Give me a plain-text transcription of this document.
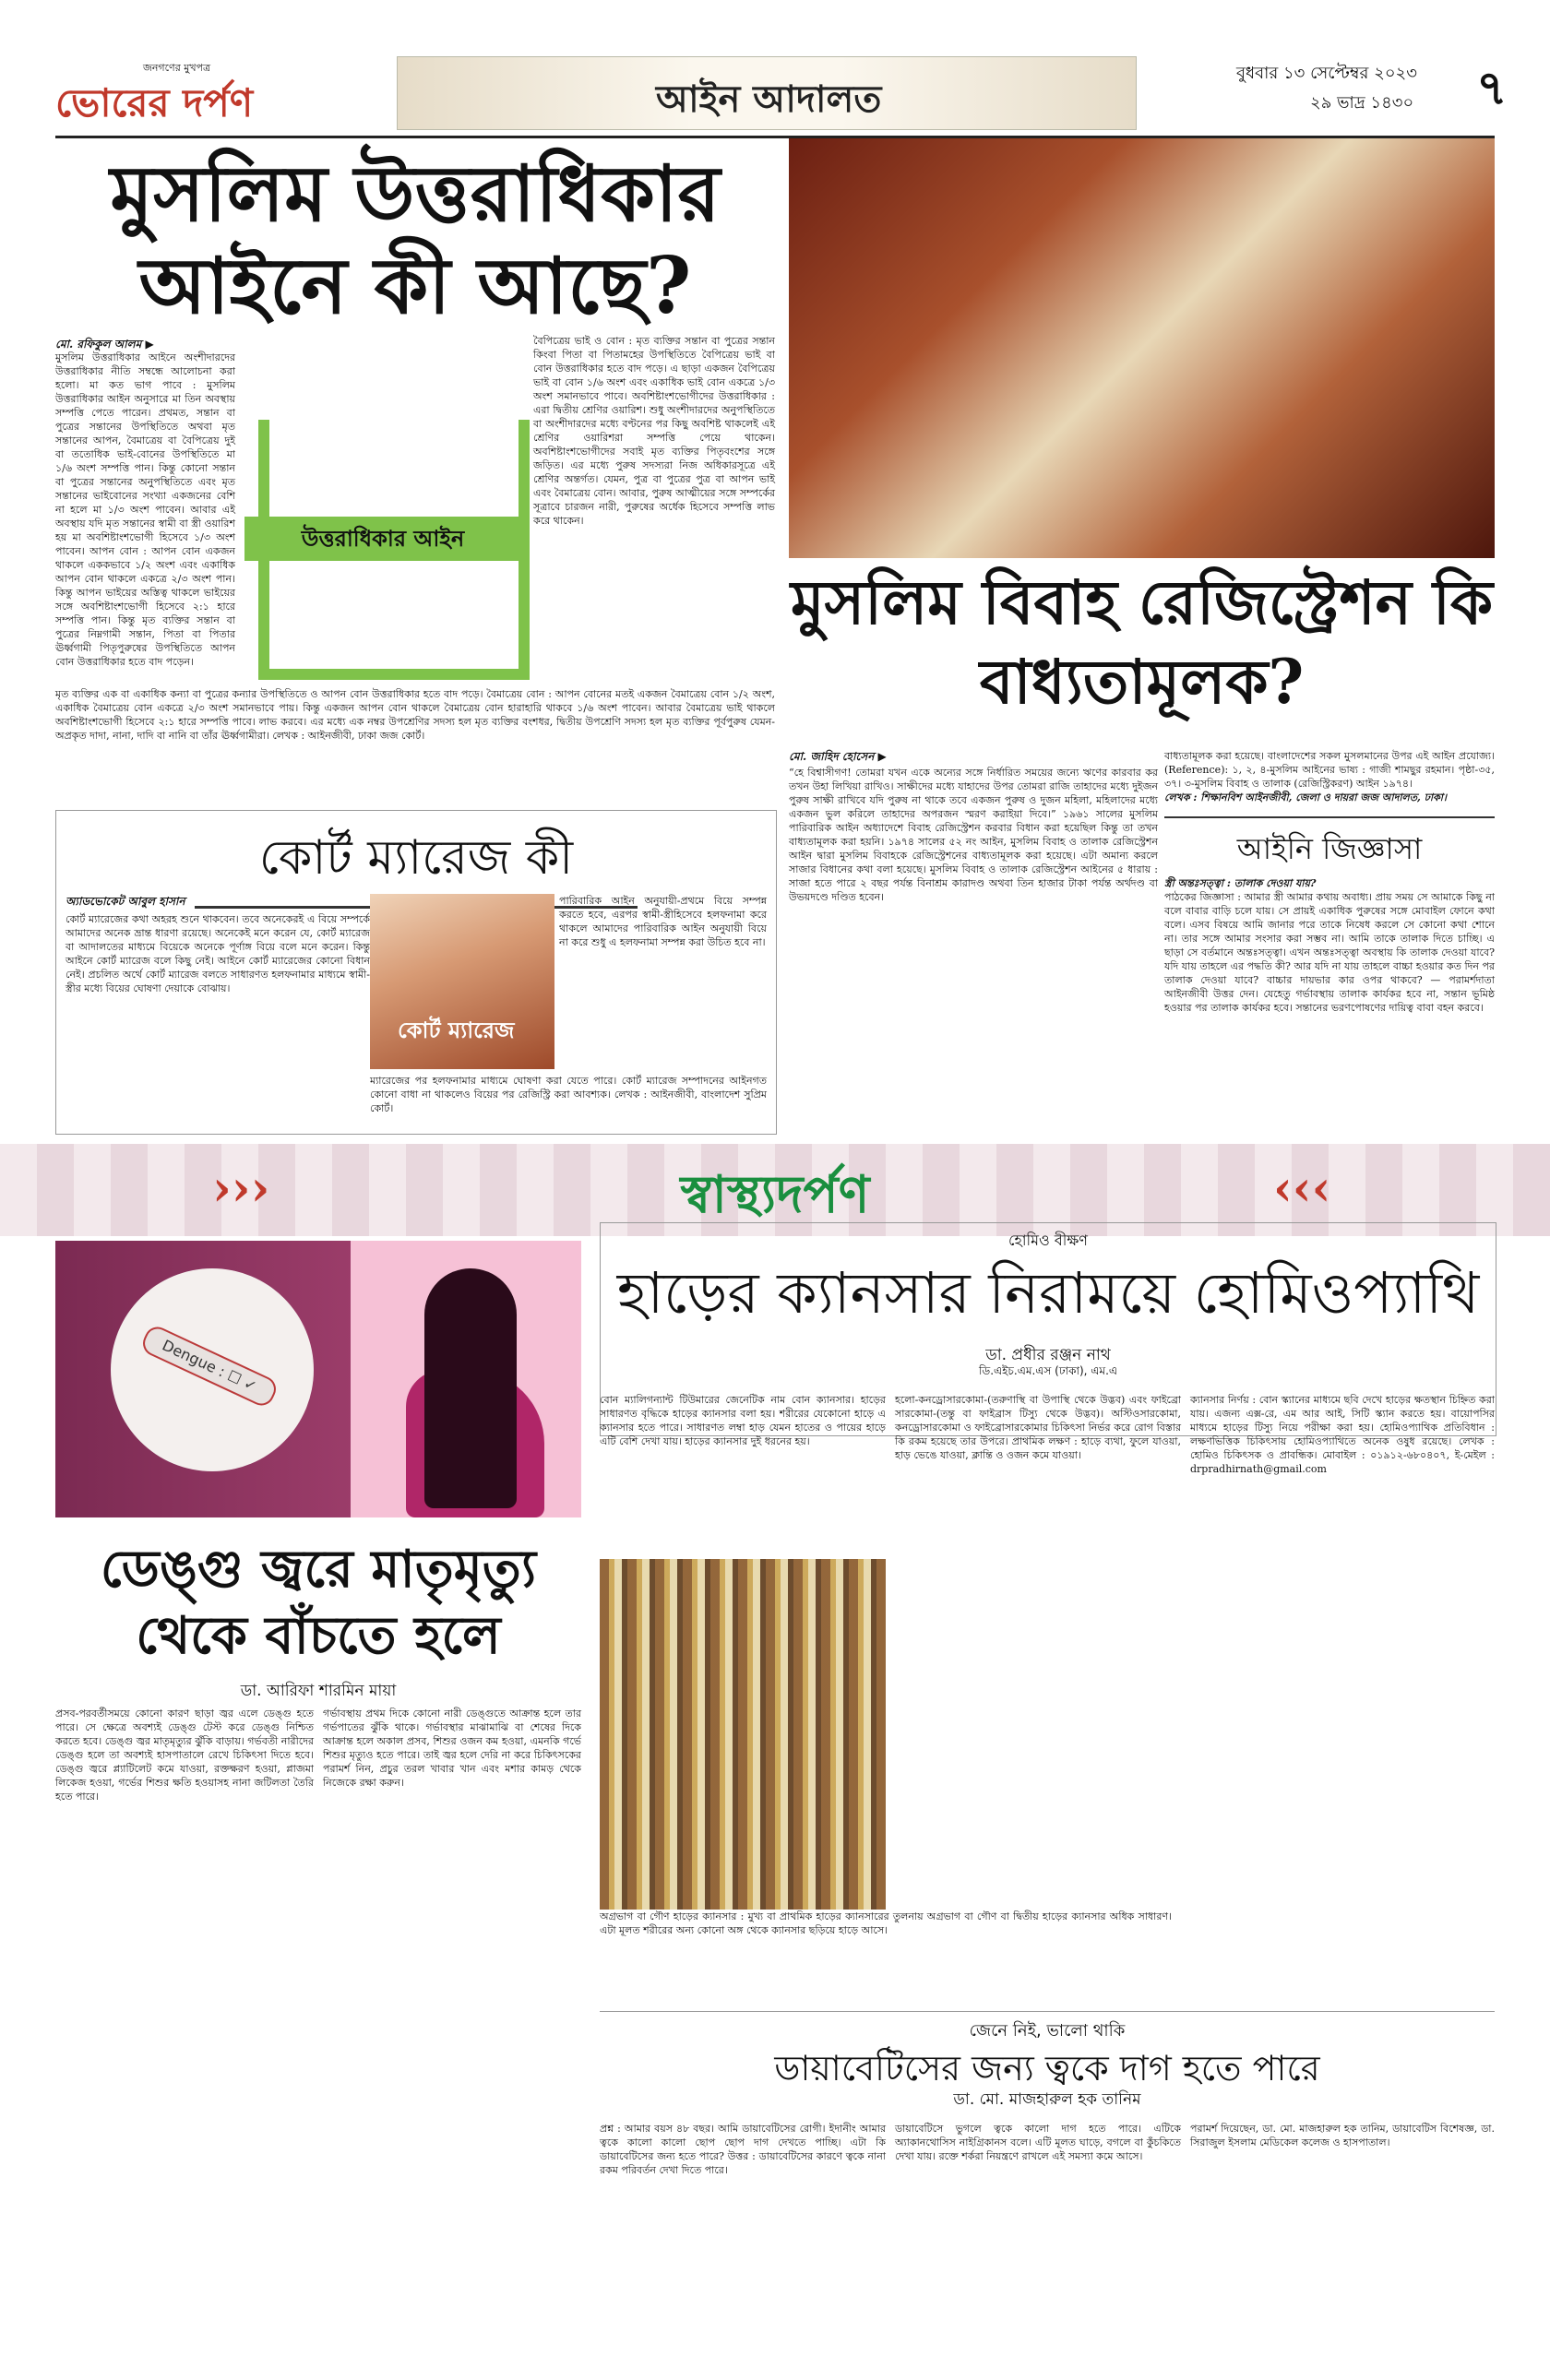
জনগণের মুখপত্র
ভোরের দর্পণ	আইন আদালত
বুধবার ১৩ সেপ্টেম্বর ২০২৩
২৯ ভাদ্র ১৪৩০ ৭
মুসলিম উত্তরাধিকার আইনে কী আছে?
মো. রফিকুল আলম ▶
মুসলিম উত্তরাধিকার আইনে অংশীদারদের উত্তরাধিকার নীতি সম্বন্ধে আলোচনা করা হলো। মা কত ভাগ পাবে : মুসলিম উত্তরাধিকার আইন অনুসারে মা তিন অবস্থায় সম্পত্তি পেতে পারেন। প্রথমত, সন্তান বা পুত্রের সন্তানের উপস্থিতিতে অথবা মৃত সন্তানের আপন, বৈমাত্রেয় বা বৈপিত্রেয় দুই বা ততোধিক ভাই-বোনের উপস্থিতিতে মা ১/৬ অংশ সম্পত্তি পান। কিন্তু কোনো সন্তান বা পুত্রের সন্তানের অনুপস্থিতিতে এবং মৃত সন্তানের ভাইবোনের সংখ্যা একজনের বেশি না হলে মা ১/৩ অংশ পাবেন। আবার এই অবস্থায় যদি মৃত সন্তানের স্বামী বা স্ত্রী ওয়ারিশ হয় মা অবশিষ্টাংশভোগী হিসেবে ১/৩ অংশ পাবেন। আপন বোন : আপন বোন একজন থাকলে এককভাবে ১/২ অংশ এবং একাধিক আপন বোন থাকলে একত্রে ২/৩ অংশ পান। কিন্তু আপন ভাইয়ের অস্তিত্ব থাকলে ভাইয়ের সঙ্গে অবশিষ্টাংশভোগী হিসেবে ২:১ হারে সম্পত্তি পান। কিন্তু মৃত ব্যক্তির সন্তান বা পুত্রের নিম্নগামী সন্তান, পিতা বা পিতার ঊর্ধ্বগামী পিতৃপুরুষের উপস্থিতিতে আপন বোন উত্তরাধিকার হতে বাদ পড়েন।
বৈপিত্রেয় ভাই ও বোন : মৃত ব্যক্তির সন্তান বা পুত্রের সন্তান কিংবা পিতা বা পিতামহের উপস্থিতিতে বৈপিত্রেয় ভাই বা বোন উত্তরাধিকার হতে বাদ পড়ে। এ ছাড়া একজন বৈপিত্রেয় ভাই বা বোন ১/৬ অংশ এবং একাধিক ভাই বোন একত্রে ১/৩ অংশ সমানভাবে পাবে। অবশিষ্টাংশভোগীদের উত্তরাধিকার : এরা দ্বিতীয় শ্রেণির ওয়ারিশ। শুধু অংশীদারদের অনুপস্থিতিতে বা অংশীদারদের মধ্যে বণ্টনের পর কিছু অবশিষ্ট থাকলেই এই শ্রেণির ওয়ারিশরা সম্পত্তি পেয়ে থাকেন। অবশিষ্টাংশভোগীদের সবাই মৃত ব্যক্তির পিতৃবংশের সঙ্গে জড়িত। এর মধ্যে পুরুষ সদস্যরা নিজ অধিকারসূত্রে এই শ্রেণির অন্তর্গত। যেমন, পুত্র বা পুত্রের পুত্র বা আপন ভাই এবং বৈমাত্রেয় বোন। আবার, পুরুষ আত্মীয়ের সঙ্গে সম্পর্কের সূত্রাবে চারজন নারী, পুরুষের অর্ধেক হিসেবে সম্পত্তি লাভ করে থাকেন।
উত্তরাধিকার আইন
মৃত ব্যক্তির এক বা একাধিক কন্যা বা পুত্রের কন্যার উপস্থিতিতে ও আপন বোন উত্তরাধিকার হতে বাদ পড়ে। বৈমাত্রেয় বোন : আপন বোনের মতই একজন বৈমাত্রেয় বোন ১/২ অংশ, একাধিক বৈমাত্রেয় বোন একত্রে ২/৩ অংশ সমানভাবে পায়। কিন্তু একজন আপন বোন থাকলে বৈমাত্রেয় বোন হারাহারি থাকবে ১/৬ অংশ পাবেন। আবার বৈমাত্রেয় ভাই থাকলে অবশিষ্টাংশভোগী হিসেবে ২:১ হারে সম্পত্তি পাবে। লাভ করবে। এর মধ্যে এক নম্বর উপশ্রেণির সদস্য হল মৃত ব্যক্তির বংশধর, দ্বিতীয় উপশ্রেণি সদস্য হল মৃত ব্যক্তির পূর্বপুরুষ যেমন-অপ্রকৃত দাদা, নানা, দাদি বা নানি বা তাঁর ঊর্ধ্বগামীরা। লেখক : আইনজীবী, ঢাকা জজ কোর্ট।
মুসলিম বিবাহ রেজিস্ট্রেশন কি বাধ্যতামূলক?
মো. জাহিদ হোসেন ▶
“হে বিশ্বাসীগণ! তোমরা যখন একে অন্যের সঙ্গে নির্ধারিত সময়ের জন্যে ঋণের কারবার কর তখন উহা লিখিয়া রাখিও। সাক্ষীদের মধ্যে যাহাদের উপর তোমরা রাজি তাহাদের মধ্যে দুইজন পুরুষ সাক্ষী রাখিবে যদি পুরুষ না থাকে তবে একজন পুরুষ ও দুজন মহিলা, মহিলাদের মধ্যে একজন ভুল করিলে তাহাদের অপরজন স্মরণ করাইয়া দিবে।” ১৯৬১ সালের মুসলিম পারিবারিক আইন অধ্যাদেশে বিবাহ রেজিস্ট্রেশন করবার বিধান করা হয়েছিল কিন্তু তা তখন বাধ্যতামূলক করা হয়নি। ১৯৭৪ সালের ৫২ নং আইন, মুসলিম বিবাহ ও তালাক রেজিস্ট্রেশন আইন দ্বারা মুসলিম বিবাহকে রেজিস্ট্রেশনের বাধ্যতামূলক করা হয়েছে। এটা অমান্য করলে সাজার বিধানের কথা বলা হয়েছে। মুসলিম বিবাহ ও তালাক রেজিস্ট্রেশন আইনের ৫ ধারায় : সাজা হতে পারে ২ বছর পর্যন্ত বিনাশ্রম কারাদণ্ড অথবা তিন হাজার টাকা পর্যন্ত অর্থদণ্ড বা উভয়দণ্ডে দণ্ডিত হবেন।

বাধ্যতামূলক করা হয়েছে। বাংলাদেশের সকল মুসলমানের উপর এই আইন প্রযোজ্য। (Reference): ১, ২, ৪-মুসলিম আইনের ভাষ্য : গাজী শামছুর রহমান। পৃষ্ঠা-৩৫, ৩৭। ৩-মুসলিম বিবাহ ও তালাক (রেজিস্ট্রিকরণ) আইন ১৯৭৪।

লেখক : শিক্ষানবিশ আইনজীবী, জেলা ও দায়রা জজ আদালত, ঢাকা।

আইনি জিজ্ঞাসা

স্ত্রী অন্তঃসত্ত্বা : তালাক দেওয়া যায়?

পাঠকের জিজ্ঞাসা : আমার স্ত্রী আমার কথায় অবাধ্য। প্রায় সময় সে আমাকে কিছু না বলে বাবার বাড়ি চলে যায়। সে প্রায়ই একাধিক পুরুষের সঙ্গে মোবাইল ফোনে কথা বলে। এসব বিষয়ে আমি জানার পরে তাকে নিষেধ করলে সে কোনো কথা শোনে না। তার সঙ্গে আমার সংসার করা সম্ভব না। আমি তাকে তালাক দিতে চাচ্ছি। এ ছাড়া সে বর্তমানে অন্তঃসত্ত্বা। এখন অন্তঃসত্ত্বা অবস্থায় কি তালাক দেওয়া যাবে? যদি যায় তাহলে এর পদ্ধতি কী? আর যদি না যায় তাহলে বাচ্চা হওয়ার কত দিন পর তালাক দেওয়া যাবে? বাচ্চার দায়ভার কার ওপর থাকবে? — পরামর্শদাতা আইনজীবী উত্তর দেন। যেহেতু গর্ভাবস্থায় তালাক কার্যকর হবে না, সন্তান ভূমিষ্ঠ হওয়ার পর তালাক কার্যকর হবে। সন্তানের ভরণপোষণের দায়িত্ব বাবা বহন করবে।

কোর্ট ম্যারেজ কী
অ্যাডভোকেট আবুল হাসান
কোর্ট ম্যারেজের কথা অহরহ শুনে থাকবেন। তবে অনেকেরই এ বিয়ে সম্পর্কে আমাদের অনেক ভ্রান্ত ধারণা রয়েছে। অনেকেই মনে করেন যে, কোর্ট ম্যারেজ বা আদালতের মাধ্যমে বিয়েকে অনেকে পূর্ণাঙ্গ বিয়ে বলে মনে করেন। কিন্তু আইনে কোর্ট ম্যারেজ বলে কিছু নেই। আইনে কোর্ট ম্যারেজের কোনো বিধান নেই। প্রচলিত অর্থে কোর্ট ম্যারেজ বলতে সাধারণত হলফনামার মাধ্যমে স্বামী-স্ত্রীর মধ্যে বিয়ের ঘোষণা দেয়াকে বোঝায়।
কোর্ট ম্যারেজ
পারিবারিক আইন অনুযায়ী-প্রথমে বিয়ে সম্পন্ন করতে হবে, এরপর স্বামী-স্ত্রীহিসেবে হলফনামা করে থাকলে আমাদের পারিবারিক আইন অনুযায়ী বিয়ে না করে শুধু এ হলফনামা সম্পন্ন করা উচিত হবে না।
ম্যারেজের পর হলফনামার মাধ্যমে ঘোষণা করা যেতে পারে। কোর্ট ম্যারেজ সম্পাদনের আইনগত কোনো বাধা না থাকলেও বিয়ের পর রেজিস্ট্রি করা আবশ্যক। লেখক : আইনজীবী, বাংলাদেশ সুপ্রিম কোর্ট।
›››	স্বাস্থ্যদর্পণ	‹‹‹
Dengue : ☐ ✓
ডেঙ্গু জ্বরে মাতৃমৃত্যু থেকে বাঁচতে হলে
ডা. আরিফা শারমিন মায়া
প্রসব-পরবর্তীসময়ে কোনো কারণ ছাড়া জ্বর এলে ডেঙ্গু হতে পারে। সে ক্ষেত্রে অবশ্যই ডেঙ্গু টেস্ট করে ডেঙ্গু নিশ্চিত করতে হবে। ডেঙ্গু জ্বর মাতৃমৃত্যুর ঝুঁকি বাড়ায়। গর্ভবতী নারীদের ডেঙ্গু হলে তা অবশ্যই হাসপাতালে রেখে চিকিৎসা দিতে হবে। ডেঙ্গু জ্বরে প্ল্যাটিলেট কমে যাওয়া, রক্তক্ষরণ হওয়া, প্লাজমা লিকেজ হওয়া, গর্ভের শিশুর ক্ষতি হওয়াসহ নানা জটিলতা তৈরি হতে পারে।
গর্ভাবস্থায় প্রথম দিকে কোনো নারী ডেঙ্গুতে আক্রান্ত হলে তার গর্ভপাতের ঝুঁকি থাকে। গর্ভাবস্থার মাঝামাঝি বা শেষের দিকে আক্রান্ত হলে অকাল প্রসব, শিশুর ওজন কম হওয়া, এমনকি গর্ভে শিশুর মৃত্যুও হতে পারে। তাই জ্বর হলে দেরি না করে চিকিৎসকের পরামর্শ নিন, প্রচুর তরল খাবার খান এবং মশার কামড় থেকে নিজেকে রক্ষা করুন।
হোমিও বীক্ষণ
হাড়ের ক্যানসার নিরাময়ে হোমিওপ্যাথি
ডা. প্রধীর রঞ্জন নাথ
ডি.এইচ.এম.এস (ঢাকা), এম.এ
বোন ম্যালিগন্যান্ট টিউমারের জেনেটিক নাম বোন ক্যানসার। হাড়ের সাধারণত বৃদ্ধিকে হাড়ের ক্যানসার বলা হয়। শরীরের যেকোনো হাড়ে এ ক্যানসার হতে পারে। সাধারণত লম্বা হাড় যেমন হাতের ও পায়ের হাড়ে এটি বেশি দেখা যায়। হাড়ের ক্যানসার দুই ধরনের হয়।
হলো-কনড্রোসারকোমা-(তরুণাস্থি বা উপাস্থি থেকে উদ্ভব) এবং ফাইব্রো সারকোমা-(তন্তু বা ফাইব্রাস টিস্যু থেকে উদ্ভব)। অস্টিওসারকোমা, কনড্রোসারকোমা ও ফাইব্রোসারকোমার চিকিৎসা নির্ভর করে রোগ বিস্তার কি রকম হয়েছে তার উপরে। প্রাথমিক লক্ষণ : হাড়ে ব্যথা, ফুলে যাওয়া, হাড় ভেঙে যাওয়া, ক্লান্তি ও ওজন কমে যাওয়া।
ক্যানসার নির্ণয় : বোন স্ক্যানের মাধ্যমে ছবি দেখে হাড়ের ক্ষতস্থান চিহ্নিত করা যায়। এজন্য এক্স-রে, এম আর আই, সিটি স্ক্যান করতে হয়। বায়োপসির মাধ্যমে হাড়ের টিস্যু নিয়ে পরীক্ষা করা হয়। হোমিওপ্যাথিক প্রতিবিধান : লক্ষণভিত্তিক চিকিৎসায় হোমিওপ্যাথিতে অনেক ওষুধ রয়েছে। লেখক : হোমিও চিকিৎসক ও প্রাবন্ধিক। মোবাইল : ০১৯১২-৬৮০৪০৭, ই-মেইল : drpradhirnath@gmail.com
অগ্রভাগ বা গৌণ হাড়ের ক্যানসার : মুখ্য বা প্রাথমিক হাড়ের ক্যানসারের তুলনায় অগ্রভাগ বা গৌণ বা দ্বিতীয় হাড়ের ক্যানসার অধিক সাধারণ। এটা মূলত শরীরের অন্য কোনো অঙ্গ থেকে ক্যানসার ছড়িয়ে হাড়ে আসে।
জেনে নিই, ভালো থাকি
ডায়াবেটিসের জন্য ত্বকে দাগ হতে পারে
ডা. মো. মাজহারুল হক তানিম
প্রশ্ন : আমার বয়স ৪৮ বছর। আমি ডায়াবেটিসের রোগী। ইদানীং আমার ত্বকে কালো কালো ছোপ ছোপ দাগ দেখতে পাচ্ছি। এটা কি ডায়াবেটিসের জন্য হতে পারে? উত্তর : ডায়াবেটিসের কারণে ত্বকে নানা রকম পরিবর্তন দেখা দিতে পারে।
ডায়াবেটিসে ভুগলে ত্বকে কালো দাগ হতে পারে। এটিকে অ্যাকানথোসিস নাইগ্রিকানস বলে। এটি মূলত ঘাড়ে, বগলে বা কুঁচকিতে দেখা যায়। রক্তে শর্করা নিয়ন্ত্রণে রাখলে এই সমস্যা কমে আসে।
পরামর্শ দিয়েছেন, ডা. মো. মাজহারুল হক তানিম, ডায়াবেটিস বিশেষজ্ঞ, ডা. সিরাজুল ইসলাম মেডিকেল কলেজ ও হাসপাতাল।
